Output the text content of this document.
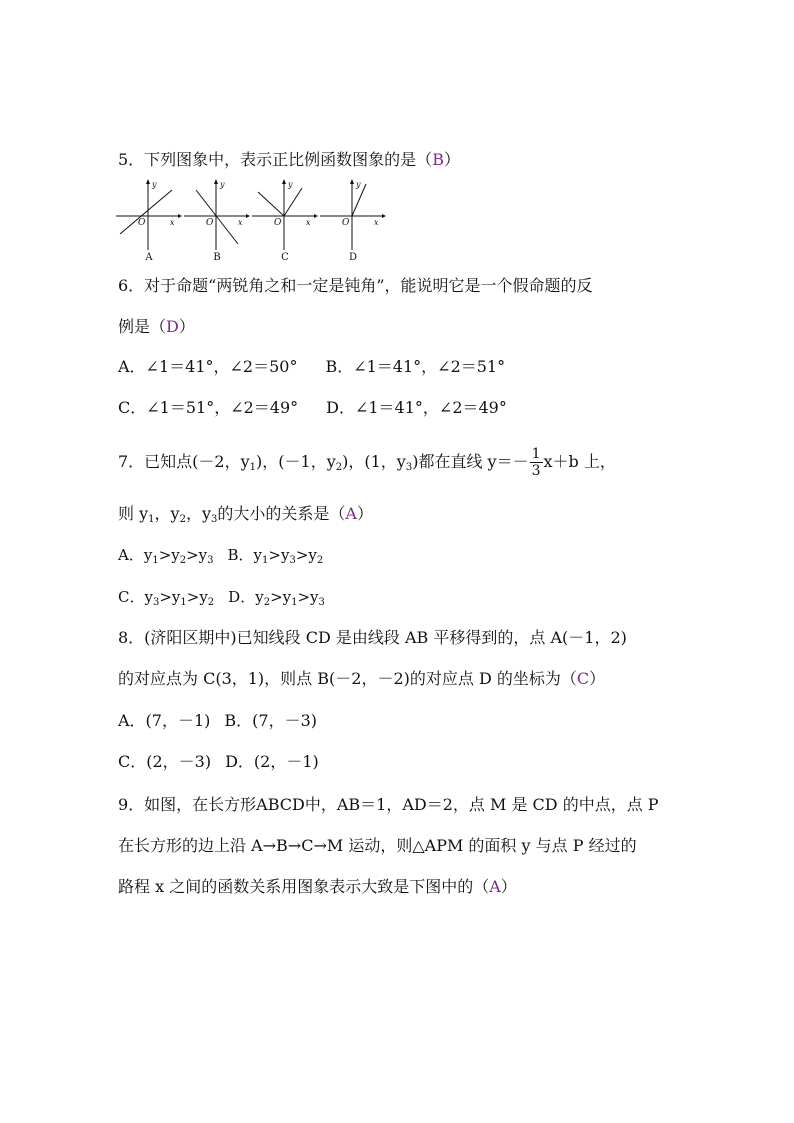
5．下列图象中，表示正比例函数图象的是（B）
y
x
O
A
y
x
O
B
y
x
O
C
y
x
O
D
6．对于命题“两锐角之和一定是钝角”，能说明它是一个假命题的反
例是（D）
A．∠1＝41°，∠2＝50° B．∠1＝41°，∠2＝51°
C．∠1＝51°，∠2＝49° D．∠1＝41°，∠2＝49°
7．已知点(－2，$y_1$)，(－1，$y_2$)，(1，$y_3$)都在直线 $y=- \frac{1}{3} x+b$ 上，
则 $y_1$，$y_2$，$y_3$的大小的关系是（A）
A．$y_1>y_2>y_3$ B．$y_1>y_3>y_2$
C．$y_3>y_1>y_2$ D．$y_2>y_1>y_3$
8．(济阳区期中)已知线段 CD 是由线段 AB 平移得到的，点 A(－1，2)
的对应点为 C(3，1)，则点 B(－2，－2)的对应点 D 的坐标为（C）
A．(7，－1) B．(7，－3)
C．(2，－3) D．(2，－1)
9．如图，在长方形ABCD中，AB＝1，AD＝2，点 M 是 CD 的中点，点 P
在长方形的边上沿 A→B→C→M 运动，则△APM 的面积 y 与点 P 经过的
路程 x 之间的函数关系用图象表示大致是下图中的（A）
